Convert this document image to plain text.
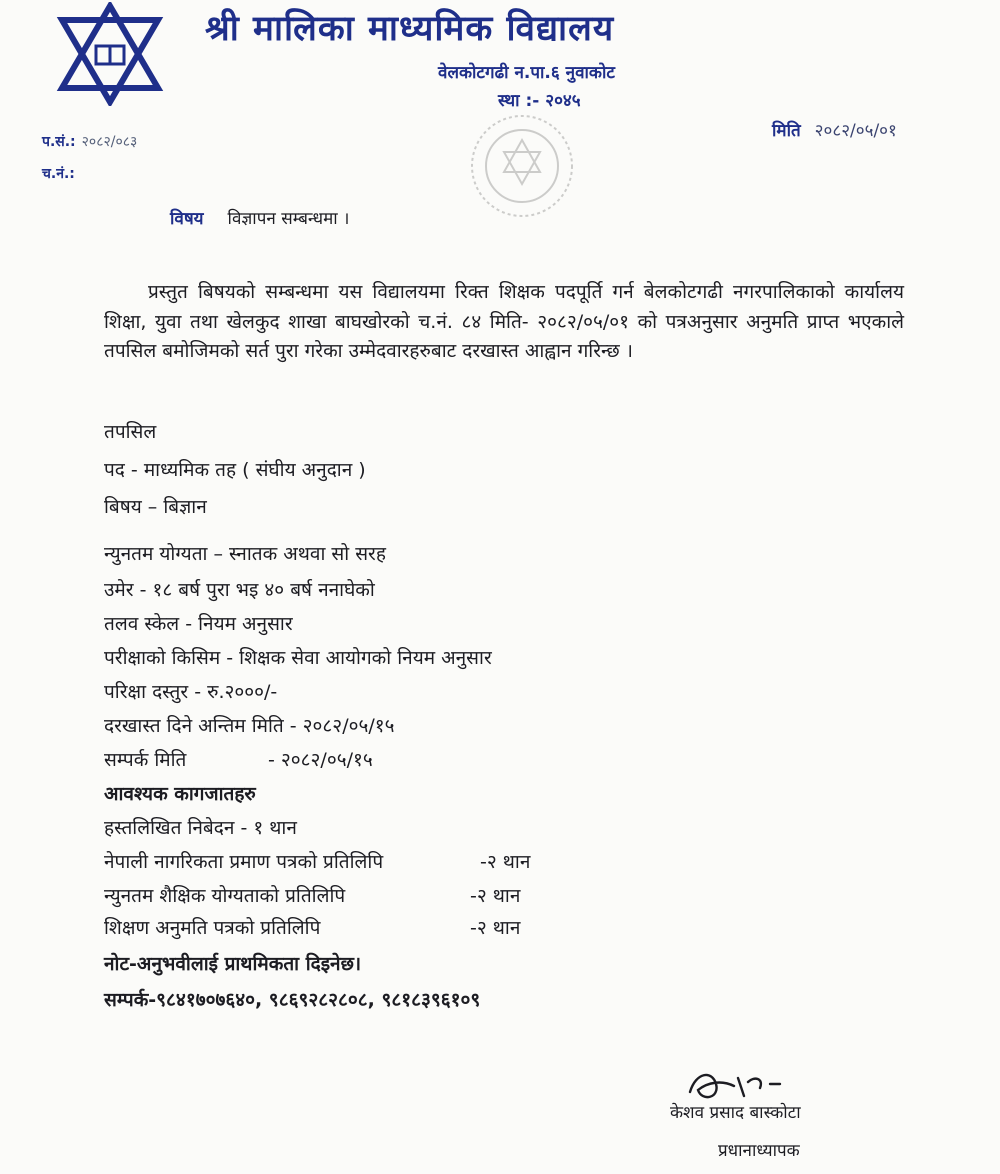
श्री मालिका माध्यमिक विद्यालय
वेलकोटगढी न.पा.६ नुवाकोट
स्था :- २०४५
प.सं.: २०८२/०८३
च.नं.:
मिति २०८२/०५/०१
विषय विज्ञापन सम्बन्धमा ।
प्रस्तुत बिषयको सम्बन्धमा यस विद्यालयमा रिक्त शिक्षक पदपूर्ति गर्न बेलकोटगढी नगरपालिकाको कार्यालय शिक्षा, युवा तथा खेलकुद शाखा बाघखोरको च.नं. ८४ मिति- २०८२/०५/०१ को पत्रअनुसार अनुमति प्राप्त भएकाले तपसिल बमोजिमको सर्त पुरा गरेका उम्मेदवारहरुबाट दरखास्त आह्वान गरिन्छ ।
तपसिल
पद - माध्यमिक तह ( संघीय अनुदान )
बिषय – बिज्ञान
न्युनतम योग्यता – स्नातक अथवा सो सरह
उमेर - १८ बर्ष पुरा भइ ४० बर्ष ननाघेको
तलव स्केल - नियम अनुसार
परीक्षाको किसिम - शिक्षक सेवा आयोगको नियम अनुसार
परिक्षा दस्तुर - रु.२०००/-
दरखास्त दिने अन्तिम मिति - २०८२/०५/१५
सम्पर्क मिति	- २०८२/०५/१५
आवश्यक कागजातहरु
हस्तलिखित निबेदन - १ थान
नेपाली नागरिकता प्रमाण पत्रको प्रतिलिपि	-२ थान
न्युनतम शैक्षिक योग्यताको प्रतिलिपि	-२ थान
शिक्षण अनुमति पत्रको प्रतिलिपि	-२ थान
नोट-अनुभवीलाई प्राथमिकता दिइनेछ।
सम्पर्क-९८४१७०७६४०, ९८६९२८२८०८, ९८१८३९६१०९
केशव प्रसाद बास्कोटा
प्रधानाध्यापक
